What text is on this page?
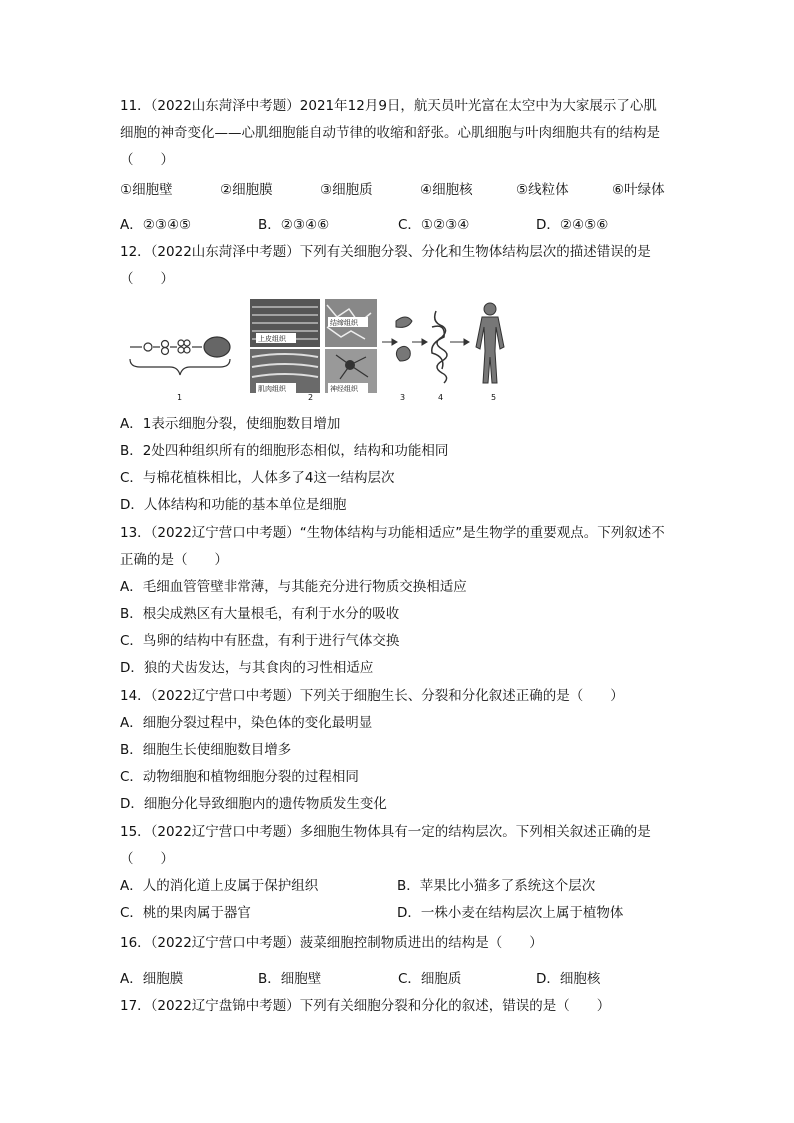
11．（2022山东菏泽中考题）2021年12月9日，航天员叶光富在太空中为大家展示了心肌
细胞的神奇变化——心肌细胞能自动节律的收缩和舒张。心肌细胞与叶肉细胞共有的结构是
（　　）
①细胞壁	②细胞膜	③细胞质	④细胞核	⑤线粒体	⑥叶绿体
A．②③④⑤	B．②③④⑥	C．①②③④	D．②④⑤⑥
12．（2022山东菏泽中考题）下列有关细胞分裂、分化和生物体结构层次的描述错误的是
（　　）
1
上皮组织
结缔组织
肌肉组织	神经组织
2	3	4	5
A．1表示细胞分裂，使细胞数目增加
B．2处四种组织所有的细胞形态相似，结构和功能相同
C．与棉花植株相比，人体多了4这一结构层次
D．人体结构和功能的基本单位是细胞
13．（2022辽宁营口中考题）“生物体结构与功能相适应”是生物学的重要观点。下列叙述不
正确的是（　　）
A．毛细血管管壁非常薄，与其能充分进行物质交换相适应
B．根尖成熟区有大量根毛，有利于水分的吸收
C．鸟卵的结构中有胚盘，有利于进行气体交换
D．狼的犬齿发达，与其食肉的习性相适应
14．（2022辽宁营口中考题）下列关于细胞生长、分裂和分化叙述正确的是（　　）
A．细胞分裂过程中，染色体的变化最明显
B．细胞生长使细胞数目增多
C．动物细胞和植物细胞分裂的过程相同
D．细胞分化导致细胞内的遗传物质发生变化
15．（2022辽宁营口中考题）多细胞生物体具有一定的结构层次。下列相关叙述正确的是
（　　）
A．人的消化道上皮属于保护组织	B．苹果比小猫多了系统这个层次
C．桃的果肉属于器官	D．一株小麦在结构层次上属于植物体
16．（2022辽宁营口中考题）菠菜细胞控制物质进出的结构是（　　）
A．细胞膜	B．细胞壁	C．细胞质	D．细胞核
17．（2022辽宁盘锦中考题）下列有关细胞分裂和分化的叙述，错误的是（　　）
